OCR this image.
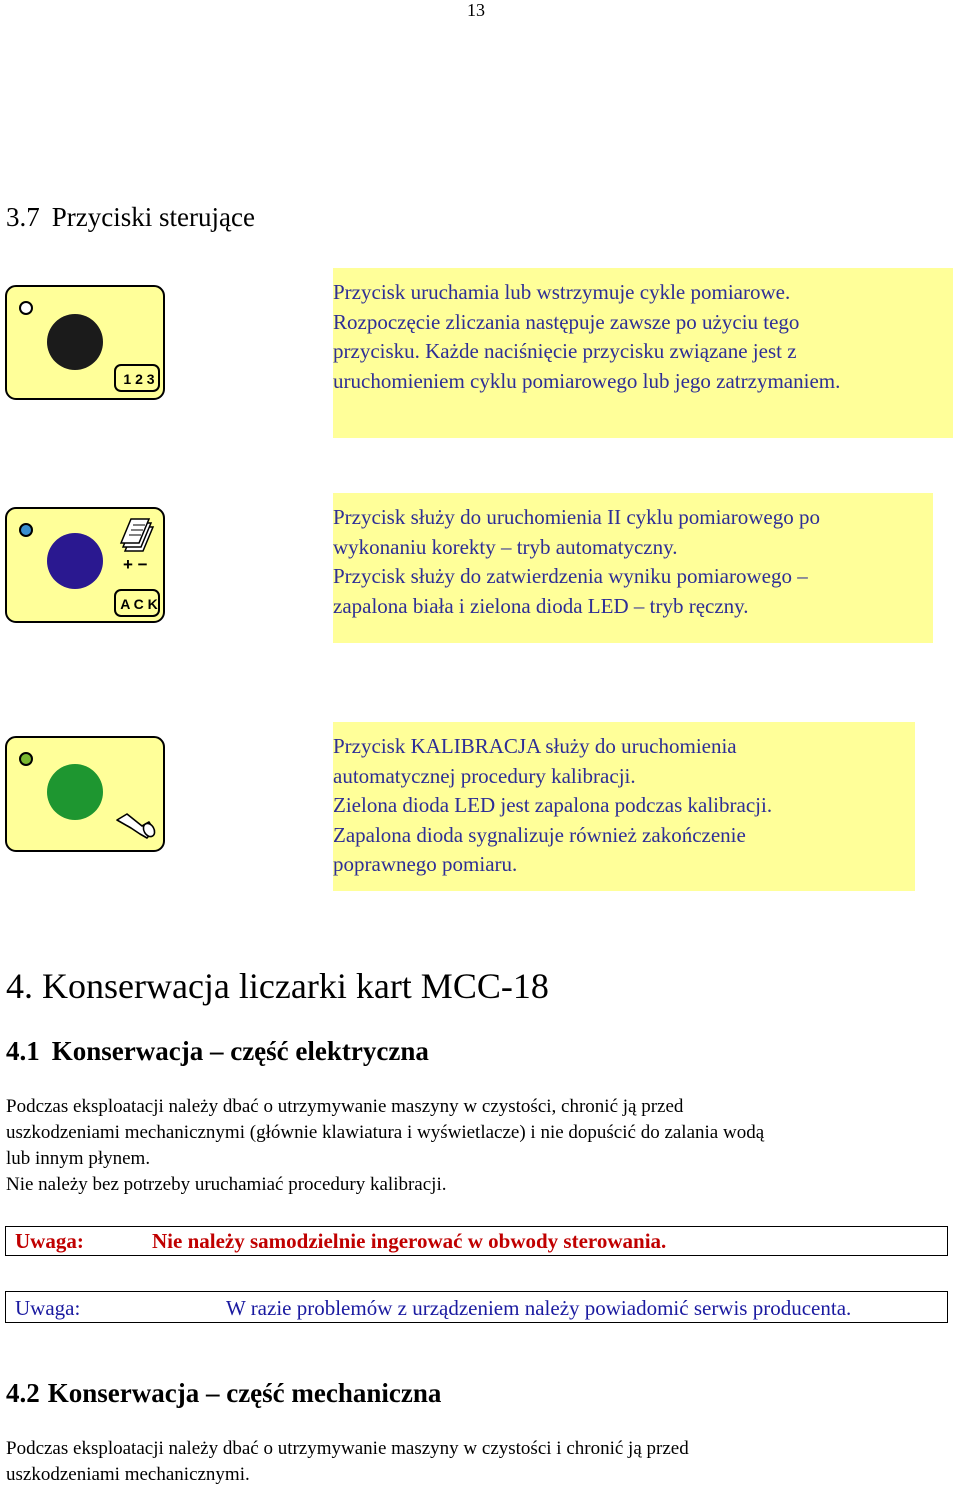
13
3.7 Przyciski sterujące
1 2 3

Przycisk uruchamia lub wstrzymuje cykle pomiarowe.

Rozpoczęcie zliczania następuje zawsze po użyciu tego

przycisku. Każde naciśnięcie przycisku związane jest z

uruchomieniem cyklu pomiarowego lub jego zatrzymaniem.

+ −
A C K

Przycisk służy do uruchomienia II cyklu pomiarowego po

wykonaniu korekty – tryb automatyczny.

Przycisk służy do zatwierdzenia wyniku pomiarowego –

zapalona biała i zielona dioda LED – tryb ręczny.

Przycisk KALIBRACJA służy do uruchomienia

automatycznej procedury kalibracji.

Zielona dioda LED jest zapalona podczas kalibracji.

Zapalona dioda sygnalizuje również zakończenie

poprawnego pomiaru.

4. Konserwacja liczarki kart MCC-18
4.1 Konserwacja – część elektryczna

Podczas eksploatacji należy dbać o utrzymywanie maszyny w czystości, chronić ją przed

uszkodzeniami mechanicznymi (głównie klawiatura i wyświetlacze) i nie dopuścić do zalania wodą

lub innym płynem.

Nie należy bez potrzeby uruchamiać procedury kalibracji.

Uwaga:	Nie należy samodzielnie ingerować w obwody sterowania.
Uwaga:	W razie problemów z urządzeniem należy powiadomić serwis producenta.
4.2 Konserwacja – część mechaniczna

Podczas eksploatacji należy dbać o utrzymywanie maszyny w czystości i chronić ją przed

uszkodzeniami mechanicznymi.
